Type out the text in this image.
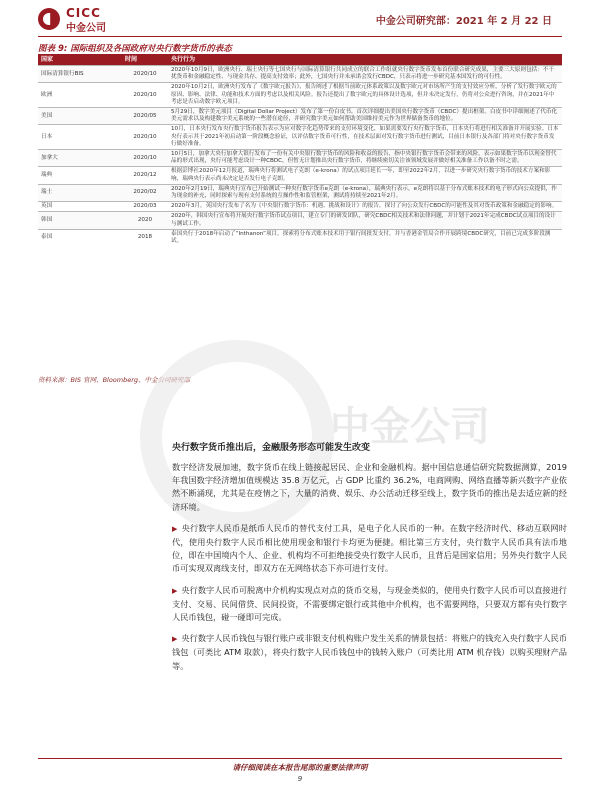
CICC
中金公司
中金公司研究部：2021 年 2 月 22 日
图表 9: 国际组织及各国政府对央行数字货币的表态
国家	时间	央行行为
国际清算银行BIS	2020/10	2020年10月9日，欧洲央行、瑞士央行等七国央行与国际清算银行共同成立的联合工作组就央行数字货币发布首份联合研究成果，主要三大原则包括：不干扰货币和金融稳定性、与现金共存、提高支付效率；此外，七国央行并未承诺会发行CBDC，只表示将进一步研究基本国发行的可行性。
欧洲	2020/10	2020年10月2日，欧洲央行发布了《数字欧元报告》，报告阐述了根据当前欧元体系政策以及数字欧元对市场所产生的支付效应分析，分析了发行数字欧元的原因、影响、法律、功能和技术方面的考虑以及相关风险。报告还提出了数字欧元的具体设计选项，但并未决定发行，仍将对公众进行咨询，并在2021年中考虑是否启动数字欧元项目。
美国	2020/05	5月29日，数字美元项目（Digital Dollar Project）发布了第一份白皮书，首次详细提出美国央行数字货币（CBDC）提出框架。白皮书中详细阐述了代币化美元需求以及构建数字美元系统的一些潜在途径，并研究数字美元如何帮助美国维持美元作为世界储备货币的地位。
日本	2020/10	10月，日本央行发布央行数字货币报告表示为应对数字化趋势带来的支付环境变化，如果需要发行央行数字货币，日本央行将进行相关准备并开展实验。日本央行表示其于2021年初启动第一阶段概念验证，以评估数字货币可行性，在技术层面对发行数字货币进行测试，目前日本银行及各部门将对央行数字货币发行做好准备。
加拿大	2020/10	10月5日，加拿大央行加拿大银行发布了一份有关中央银行数字货币的风险和收益的报告，指中央银行数字货币会带来的风险，表示如果数字货币以现金替代品的形式出现，央行可能考虑设计一种CBDC，但暂无计划推出央行数字货币，将继续密切关注该领域发展并做好相关准备工作以备不时之需。
瑞典	2020/12	根据彭博社2020年12月报道，瑞典央行将测试电子克朗（e-krona）的试点项目延长一年，即至2022年2月，以进一步研究央行数字货币的技术方案和影响，瑞典央行表示尚未决定是否发行电子克朗。
瑞士	2020/02	2020年2月19日，瑞典央行宣布已开始测试一种央行数字货币e克朗（e-krona），瑞典央行表示，e克朗将以基于分布式账本技术的电子形式向公众提供，作为现金的补充，同时探索与现有支付系统的互操作性和监管框架，测试将持续至2021年2月。
英国	2020/03	2020年3月，英国央行发布了名为《中央银行数字货币：机遇、挑战和设计》的报告，探讨了向公众发行CBDC的可能性及其对货币政策和金融稳定的影响。
韩国	2020	2020年，韩国央行宣布将开展央行数字货币试点项目，建立专门的研发团队，研究CBDC相关技术和法律问题，并计划于2021年完成CBDC试点项目的设计与测试工作。
泰国	2018	泰国央行于2018年启动了“Inthanon”项目，探索将分布式账本技术用于银行间批发支付，并与香港金管局合作开展跨境CBDC研究，目前已完成多阶段测试。
资料来源：BIS 官网、Bloomberg、中金公司研究部
中金公司
央行数字货币推出后，金融服务形态可能发生改变

数字经济发展加速，数字货币在线上链接起居民、企业和金融机构。据中国信息通信研究院数据测算，2019 年我国数字经济增加值规模达 35.8 万亿元，占 GDP 比重约 36.2%，电商网购、网络直播等新兴数字产业依然不断涌现，尤其是在疫情之下，大量的消费、娱乐、办公活动迁移至线上，数字货币的推出是去适应新的经济环境。

▶ 央行数字人民币是纸币人民币的替代支付工具，是电子化人民币的一种。在数字经济时代、移动互联网时代，使用央行数字人民币相比使用现金和银行卡均更为便捷。相比第三方支付，央行数字人民币具有法币地位，即在中国境内个人、企业、机构均不可拒绝接受央行数字人民币，且背后是国家信用；另外央行数字人民币可实现双离线支付，即双方在无网络状态下亦可进行支付。

▶ 央行数字人民币可脱离中介机构实现点对点的货币交易，与现金类似的，使用央行数字人民币可以直接进行支付、交易、民间借贷、民间投资，不需要绑定银行或其他中介机构，也不需要网络，只要双方都有央行数字人民币钱包，碰一碰即可完成。

▶ 央行数字人民币钱包与银行账户或非银支付机构账户发生关系的情景包括：将账户的钱充入央行数字人民币钱包（可类比 ATM 取款），将央行数字人民币钱包中的钱转入账户（可类比用 ATM 机存钱）以购买理财产品等。

请仔细阅读在本报告尾部的重要法律声明
9
